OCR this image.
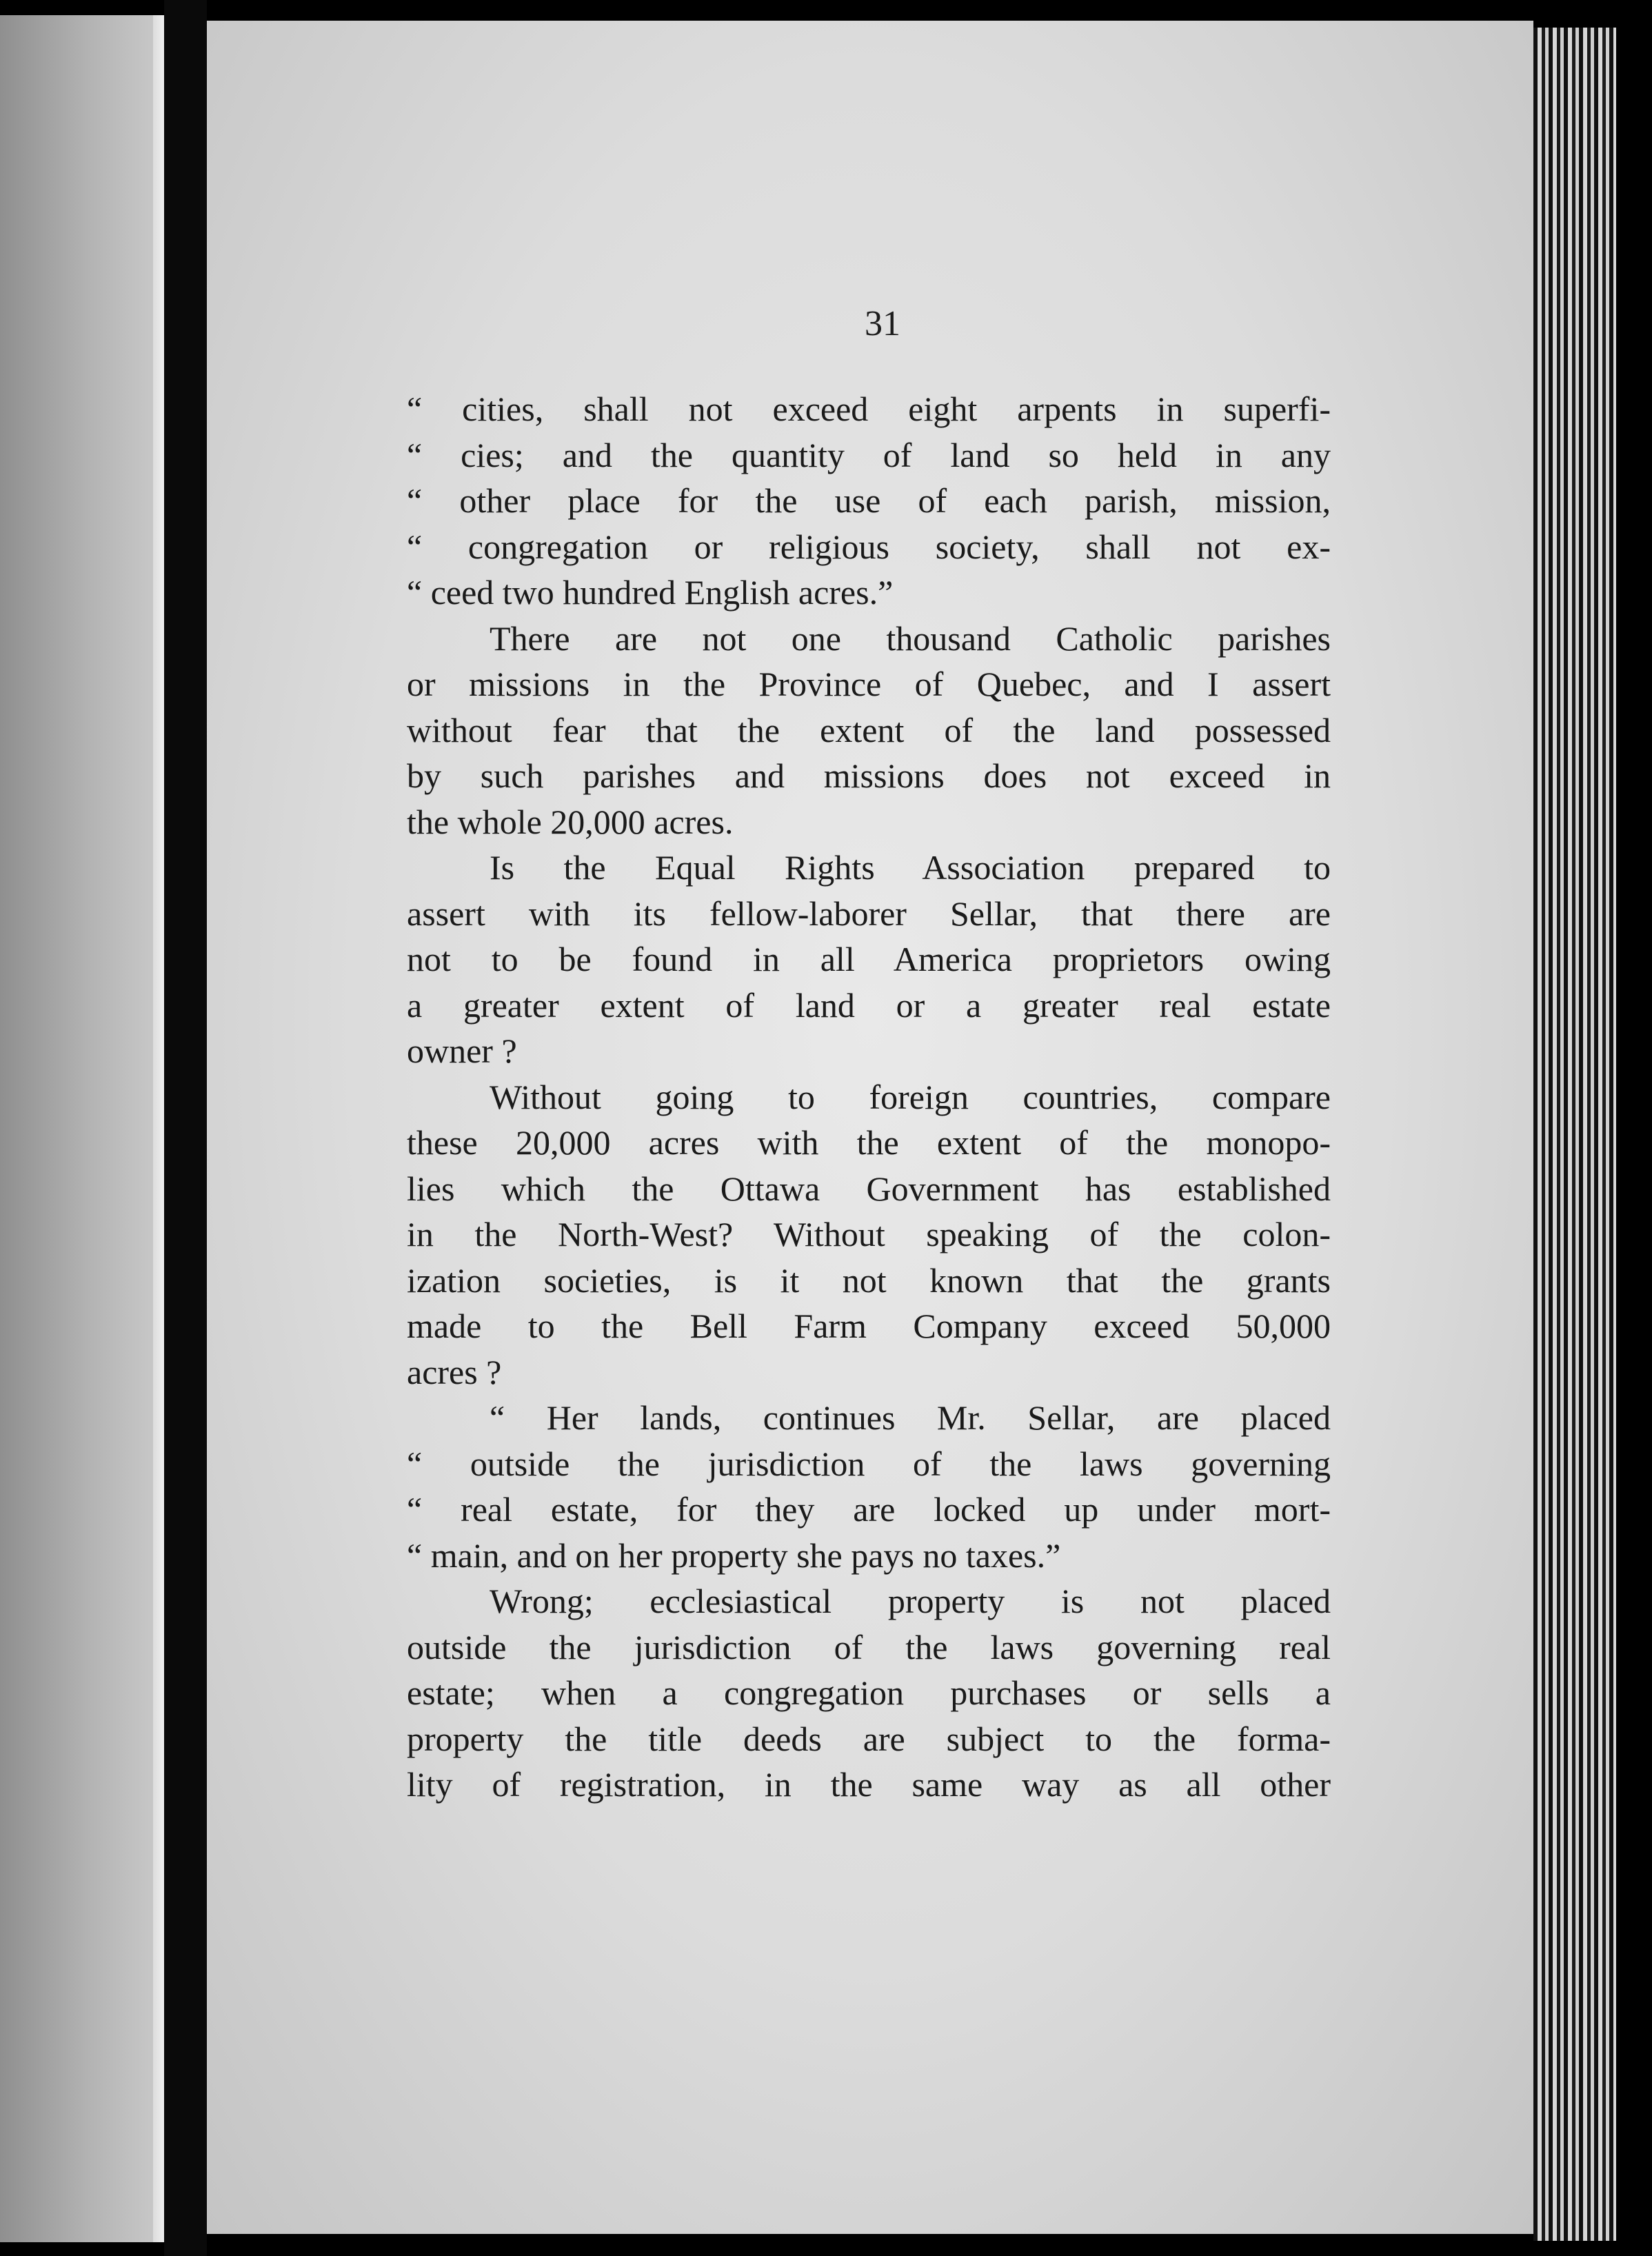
31
“ cities, shall not exceed eight arpents in superfi-
“ cies; and the quantity of land so held in any
“ other place for the use of each parish, mission,
“ congregation or religious society, shall not ex-
“ ceed two hundred English acres.”
There are not one thousand Catholic parishes
or missions in the Province of Quebec, and I assert
without fear that the extent of the land possessed
by such parishes and missions does not exceed in
the whole 20,000 acres.
Is the Equal Rights Association prepared to
assert with its fellow-laborer Sellar, that there are
not to be found in all America proprietors owing
a greater extent of land or a greater real estate
owner ?
Without going to foreign countries, compare
these 20,000 acres with the extent of the monopo-
lies which the Ottawa Government has established
in the North-West? Without speaking of the colon-
ization societies, is it not known that the grants
made to the Bell Farm Company exceed 50,000
acres ?
“ Her lands, continues Mr. Sellar, are placed
“ outside the jurisdiction of the laws governing
“ real estate, for they are locked up under mort-
“ main, and on her property she pays no taxes.”
Wrong; ecclesiastical property is not placed
outside the jurisdiction of the laws governing real
estate; when a congregation purchases or sells a
property the title deeds are subject to the forma-
lity of registration, in the same way as all other
